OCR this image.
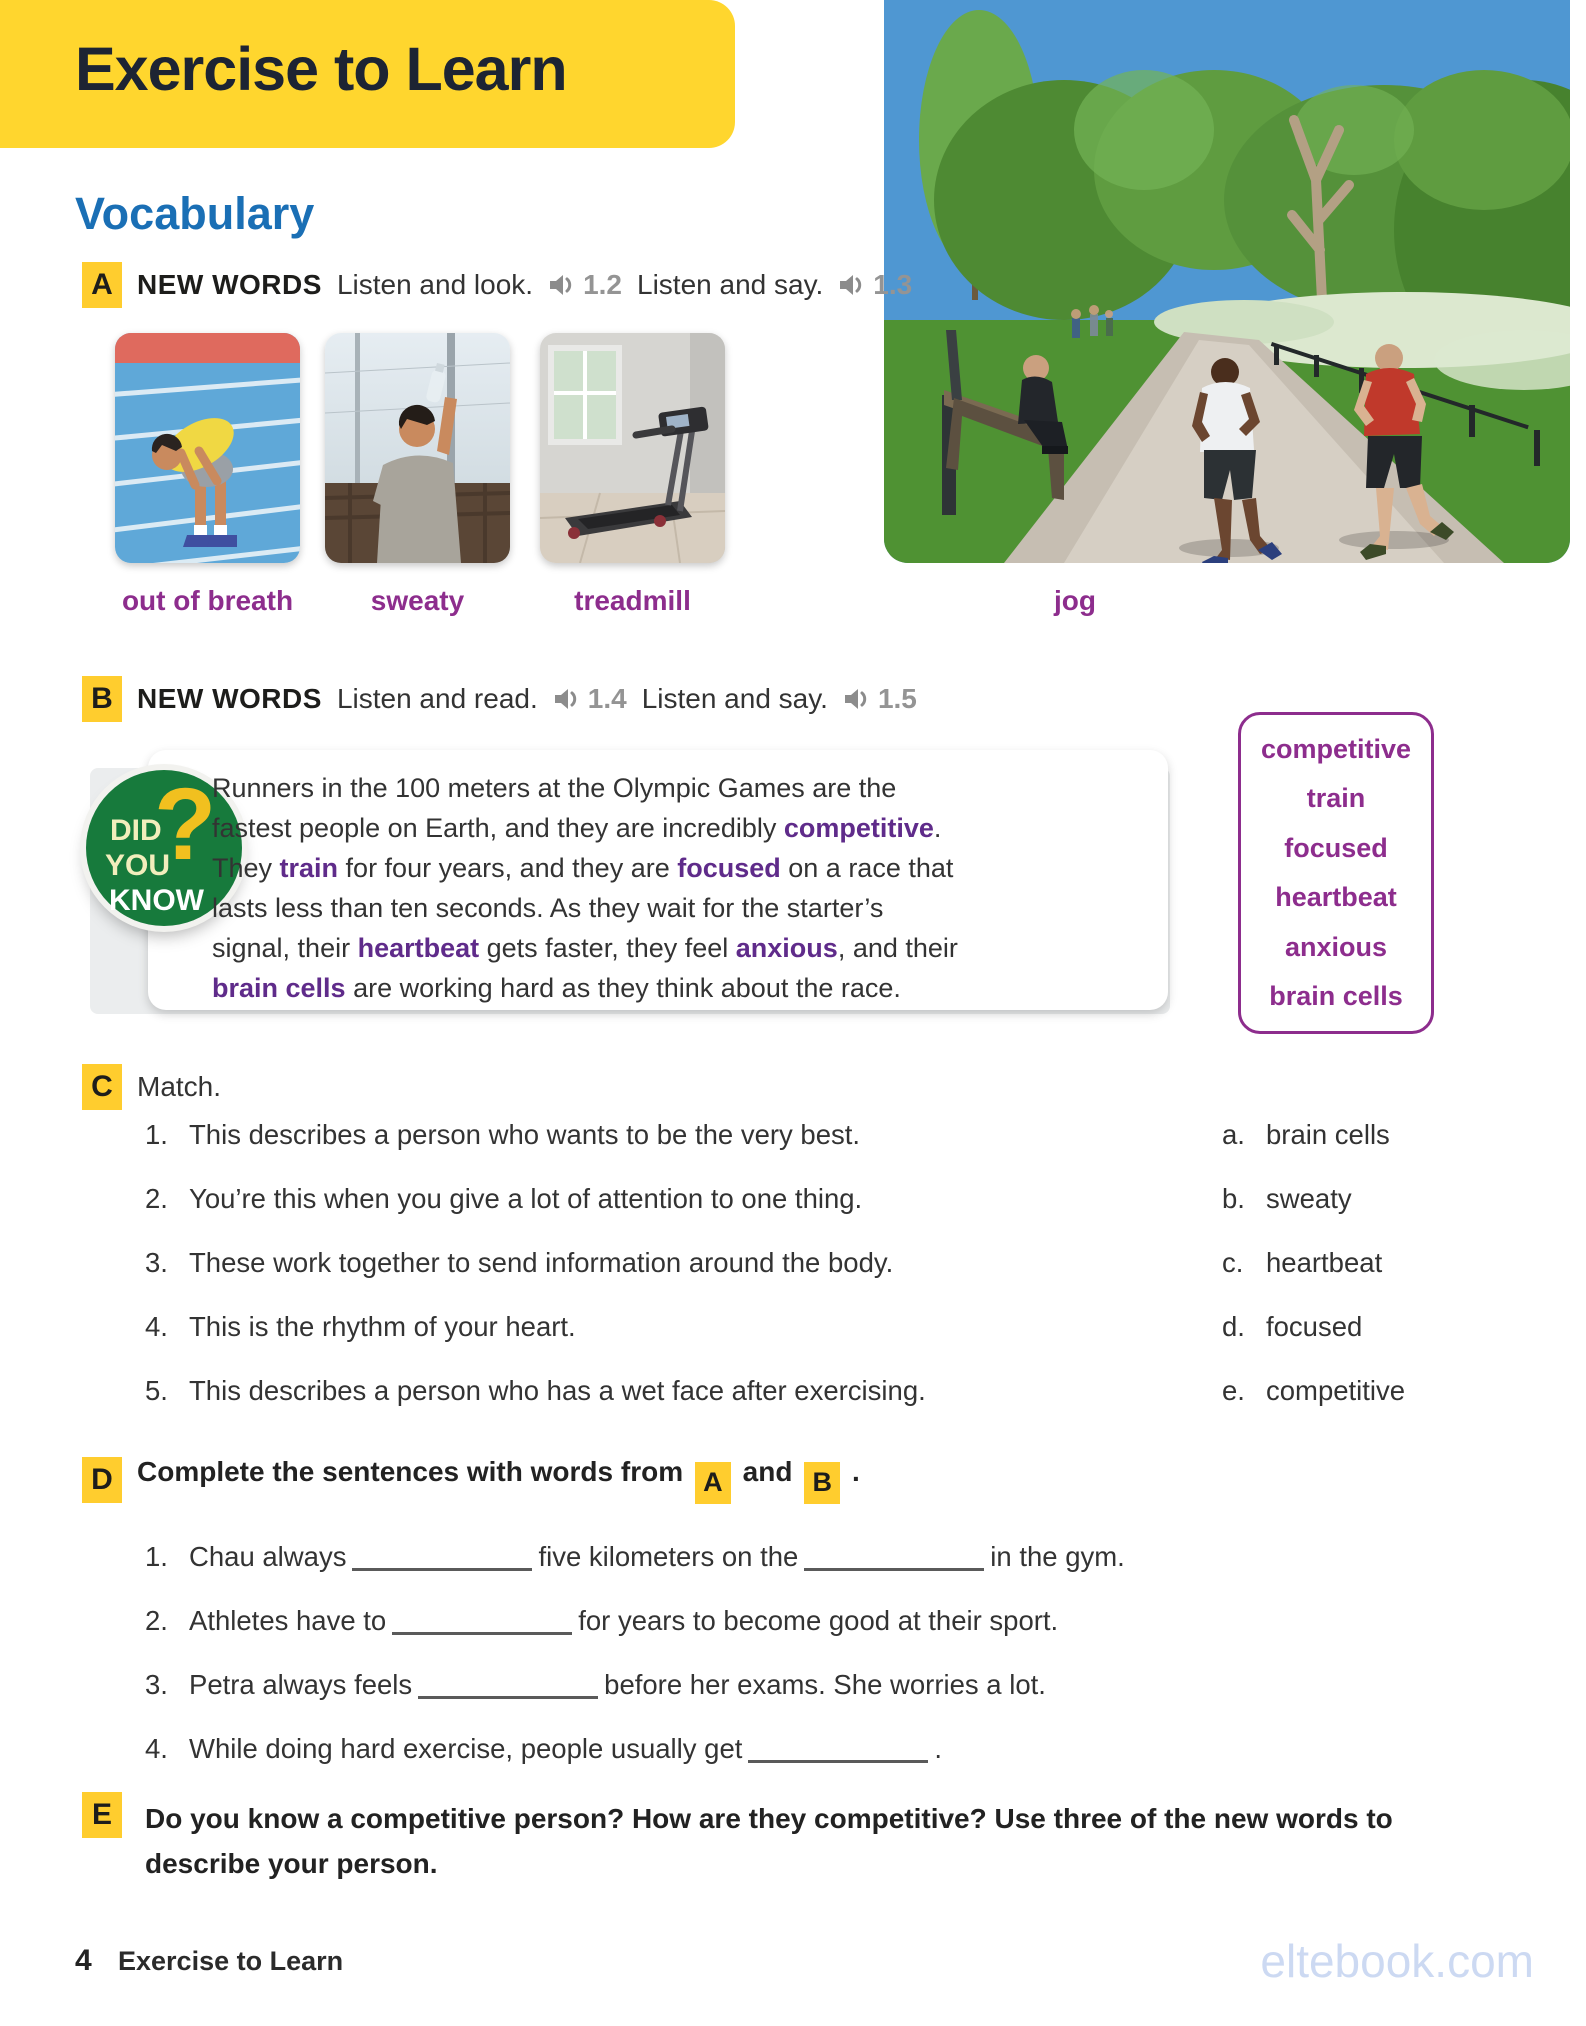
Exercise to Learn
Vocabulary
A NEW WORDS Listen and look. 1.2 Listen and say. 1.3
out of breath	sweaty	treadmill	jog
B NEW WORDS Listen and read. 1.4 Listen and say. 1.5
?
DID
YOU
KNOW
Runners in the 100 meters at the Olympic Games are the fastest people on Earth, and they are incredibly competitive. They train for four years, and they are focused on a race that lasts less than ten seconds. As they wait for the starter’s signal, their heartbeat gets faster, they feel anxious, and their brain cells are working hard as they think about the race.
competitive
train
focused
heartbeat
anxious
brain cells
C Match.
1. This describes a person who wants to be the very best.
2. You’re this when you give a lot of attention to one thing.
3. These work together to send information around the body.
4. This is the rhythm of your heart.
5. This describes a person who has a wet face after exercising.
a. brain cells
b. sweaty
c. heartbeat
d. focused
e. competitive
D Complete the sentences with words from A and B .
1. Chau always	five kilometers on the	in the gym.
2. Athletes have to	for years to become good at their sport.
3. Petra always feels	before her exams. She worries a lot.
4. While doing hard exercise, people usually get	.
E	Do you know a competitive person? How are they competitive? Use three of the new words to describe your person.
4 Exercise to Learn	eltebook.com
